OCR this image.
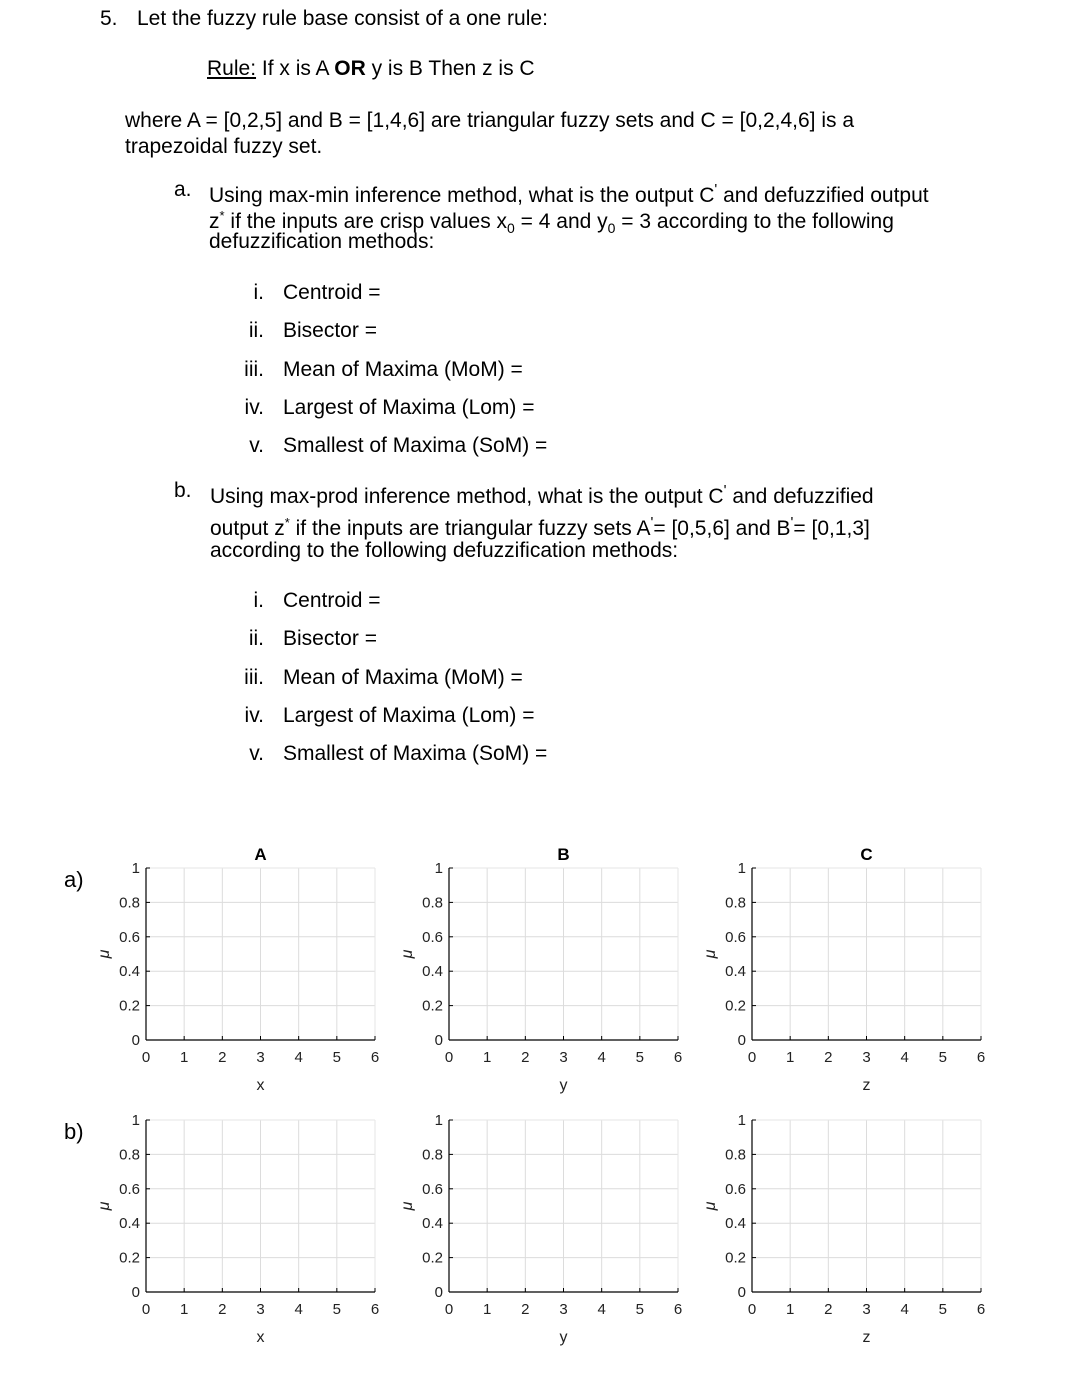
5. Let the fuzzy rule base consist of a one rule:
Rule: If x is A OR y is B Then z is C
where A = [0,2,5] and B = [1,4,6] are triangular fuzzy sets and C = [0,2,4,6] is a
trapezoidal fuzzy set.
a. Using max-min inference method, what is the output C' and defuzzified output
z* if the inputs are crisp values $x_0 = 4$ and $y_0 = 3$ according to the following
defuzzification methods:
i. Centroid =
ii. Bisector =
iii. Mean of Maxima (MoM) =
iv. Largest of Maxima (Lom) =
v. Smallest of Maxima (SoM) =
b. Using max-prod inference method, what is the output C' and defuzzified
output z* if the inputs are triangular fuzzy sets A'= [0,5,6] and B'= [0,1,3]
according to the following defuzzification methods:
i. Centroid =
ii. Bisector =
iii. Mean of Maxima (MoM) =
iv. Largest of Maxima (Lom) =
v. Smallest of Maxima (SoM) =
0 1 2 3 4 5 6
0
0.2
0.4
0.6
0.8
1
x
μ
A
a)
0 1 2 3 4 5 6
0
0.2
0.4
0.6
0.8
1
y
μ
B
0 1 2 3 4 5 6
0
0.2
0.4
0.6
0.8
1
z
μ
C
0 1 2 3 4 5 6
0
0.2
0.4
0.6
0.8
1
x
μ
b)
0 1 2 3 4 5 6
0
0.2
0.4
0.6
0.8
1
y
μ
0 1 2 3 4 5 6
0
0.2
0.4
0.6
0.8
1
z
μ
